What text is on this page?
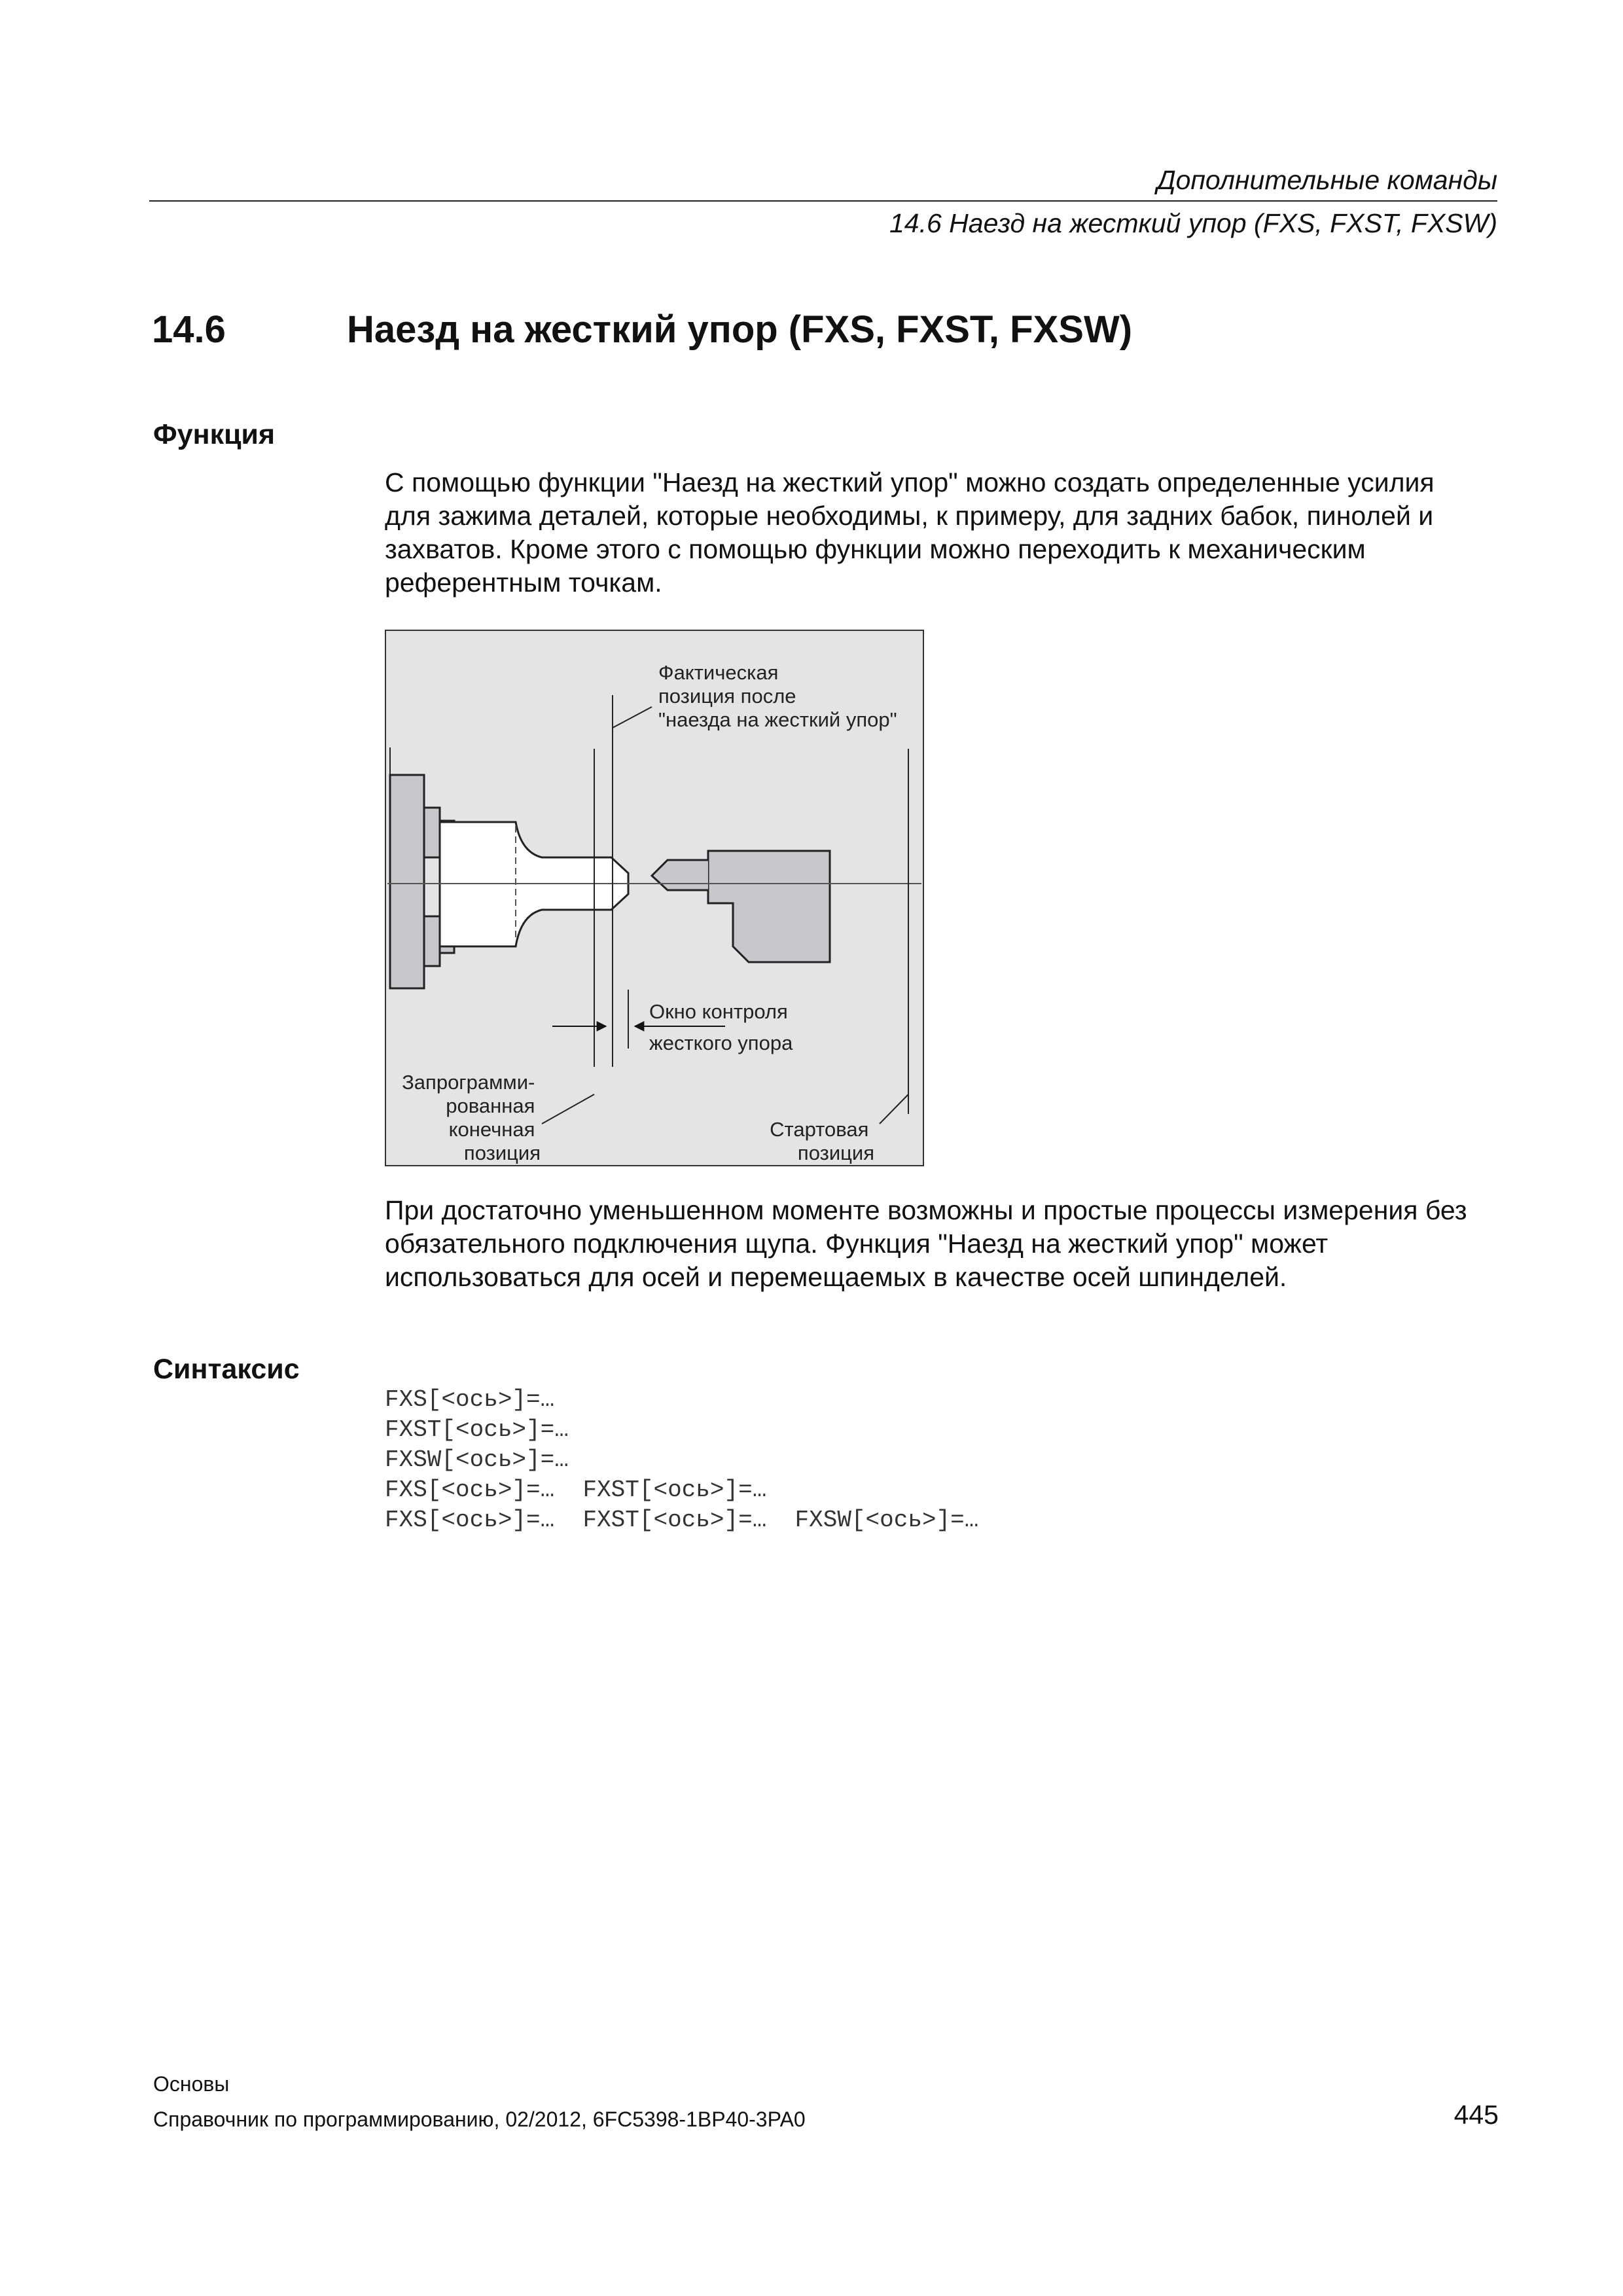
Дополнительные команды
14.6 Наезд на жесткий упор (FXS, FXST, FXSW)
14.6	Наезд на жесткий упор (FXS, FXST, FXSW)
Функция

С помощью функции "Наезд на жесткий упор" можно создать определенные усилия

для зажима деталей, которые необходимы, к примеру, для задних бабок, пинолей и

захватов. Кроме этого с помощью функции можно переходить к механическим

референтным точкам.

Фактическая позиция после "наезда на жесткий упор"
Окно контроля жесткого упора
Запрограмми- рованная конечная позиция
Стартовая позиция

При достаточно уменьшенном моменте возможны и простые процессы измерения без

обязательного подключения щупа. Функция "Наезд на жесткий упор" может

использоваться для осей и перемещаемых в качестве осей шпинделей.

Синтаксис
FXS[<ось>]=…
FXST[<ось>]=…
FXSW[<ось>]=…
FXS[<ось>]=…  FXST[<ось>]=…
FXS[<ось>]=…  FXST[<ось>]=…  FXSW[<ось>]=…
Основы
Справочник по программированию, 02/2012, 6FC5398-1BP40-3PA0	445
